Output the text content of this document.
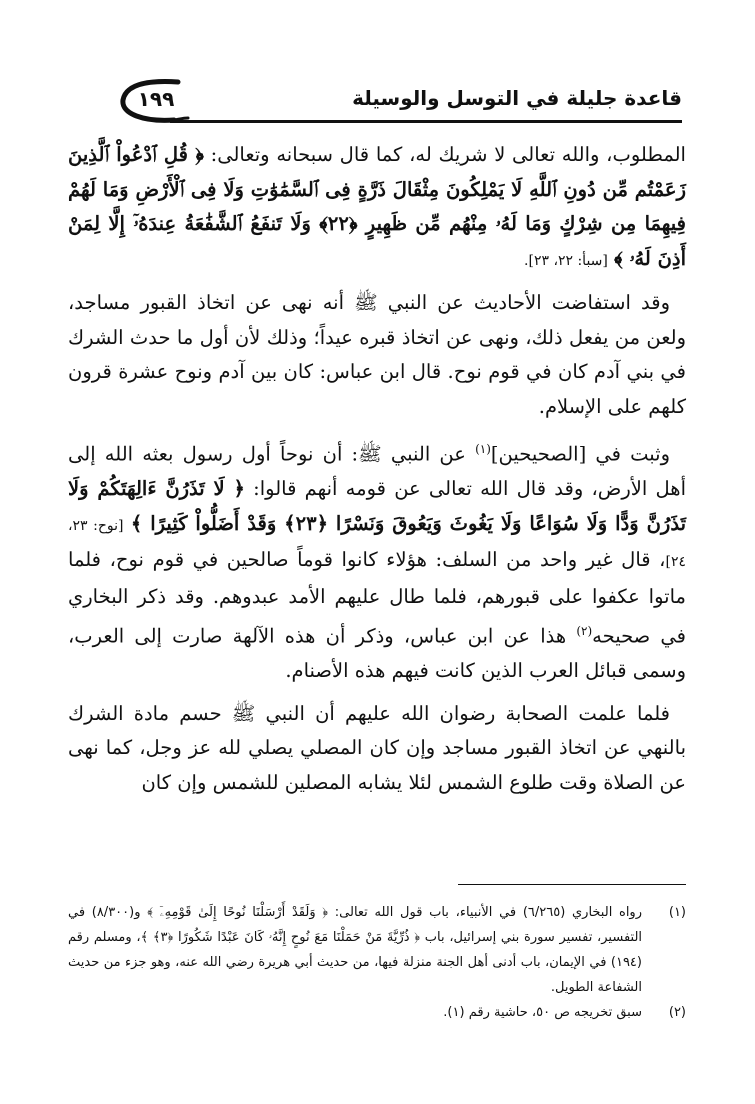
قاعدة جليلة في التوسل والوسيلة
١٩٩

المطلوب، والله تعالى لا شريك له، كما قال سبحانه وتعالى: ﴿ قُلِ ٱدْعُواْ ٱلَّذِينَ زَعَمْتُم مِّن دُونِ ٱللَّهِ لَا يَمْلِكُونَ مِثْقَالَ ذَرَّةٍ فِى ٱلسَّمَٰوَٰتِ وَلَا فِى ٱلْأَرْضِ وَمَا لَهُمْ فِيهِمَا مِن شِرْكٍ وَمَا لَهُۥ مِنْهُم مِّن ظَهِيرٍ ﴿٢٢﴾ وَلَا تَنفَعُ ٱلشَّفَٰعَةُ عِندَهُۥٓ إِلَّا لِمَنْ أَذِنَ لَهُۥ ﴾ [سبأ: ٢٢، ٢٣].

وقد استفاضت الأحاديث عن النبي ﷺ أنه نهى عن اتخاذ القبور مساجد، ولعن من يفعل ذلك، ونهى عن اتخاذ قبره عيداً؛ وذلك لأن أول ما حدث الشرك في بني آدم كان في قوم نوح. قال ابن عباس: كان بين آدم ونوح عشرة قرون كلهم على الإسلام.

وثبت في [الصحيحين]$^{(١)}$ عن النبي ﷺ: أن نوحاً أول رسول بعثه الله إلى أهل الأرض، وقد قال الله تعالى عن قومه أنهم قالوا: ﴿ لَا تَذَرُنَّ ءَالِهَتَكُمْ وَلَا تَذَرُنَّ وَدًّا وَلَا سُوَاعًا وَلَا يَغُوثَ وَيَعُوقَ وَنَسْرًا ﴿٢٣﴾ وَقَدْ أَضَلُّواْ كَثِيرًا ﴾ [نوح: ٢٣، ٢٤]، قال غير واحد من السلف: هؤلاء كانوا قوماً صالحين في قوم نوح، فلما ماتوا عكفوا على قبورهم، فلما طال عليهم الأمد عبدوهم. وقد ذكر البخاري في صحيحه$^{(٢)}$ هذا عن ابن عباس، وذكر أن هذه الآلهة صارت إلى العرب، وسمى قبائل العرب الذين كانت فيهم هذه الأصنام.

فلما علمت الصحابة رضوان الله عليهم أن النبي ﷺ حسم مادة الشرك بالنهي عن اتخاذ القبور مساجد وإن كان المصلي يصلي لله عز وجل، كما نهى عن الصلاة وقت طلوع الشمس لئلا يشابه المصلين للشمس وإن كان

(١)
رواه البخاري (٦/٢٦٥) في الأنبياء، باب قول الله تعالى: ﴿ وَلَقَدْ أَرْسَلْنَا نُوحًا إِلَىٰ قَوْمِهِۦٓ ﴾ و(٨/٣٠٠) في التفسير، تفسير سورة بني إسرائيل، باب ﴿ ذُرِّيَّةَ مَنْ حَمَلْنَا مَعَ نُوحٍ إِنَّهُۥ كَانَ عَبْدًا شَكُورًا ﴿٣﴾ ﴾، ومسلم رقم (١٩٤) في الإيمان، باب أدنى أهل الجنة منزلة فيها، من حديث أبي هريرة رضي الله عنه، وهو جزء من حديث الشفاعة الطويل.
(٢)
سبق تخريجه ص ٥٠، حاشية رقم (١).
